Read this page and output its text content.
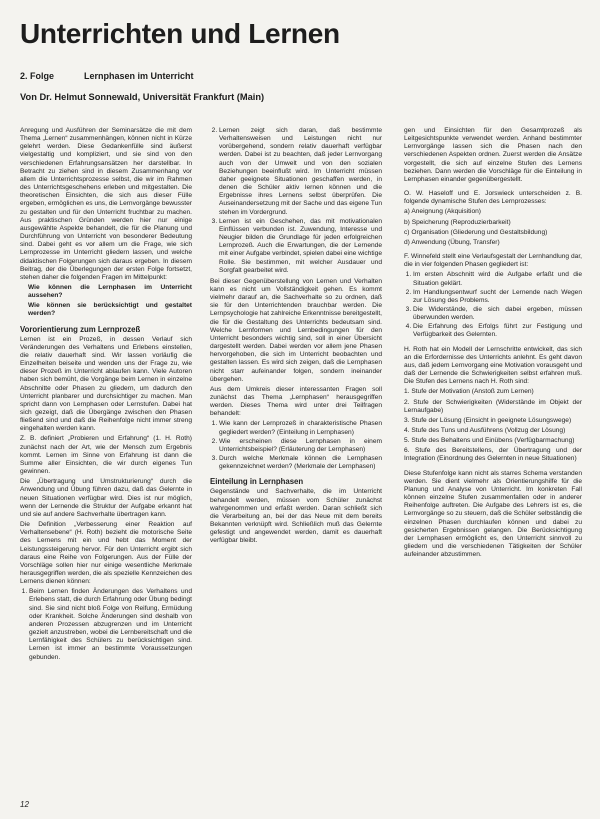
Unterrichten und Lernen
2. Folge	Lernphasen im Unterricht
Von Dr. Helmut Sonnewald, Universität Frankfurt (Main)

Anregung und Ausführen der Seminarsätze die mit dem Thema „Lernen“ zusammenhängen, können nicht in Kürze gelehrt werden. Diese Gedankenfülle sind äußerst vielgestaltig und kompliziert, und sie sind von den verschiedenen Erfahrungsansätzen her darstellbar. In Betracht zu ziehen sind in diesem Zusammenhang vor allem die Unterrichtsprozesse selbst, die wir im Rahmen des Unterrichtsgeschehens erleben und mitgestalten. Die theoretischen Einsichten, die sich aus dieser Fülle ergeben, ermöglichen es uns, die Lernvorgänge bewusster zu gestalten und für den Unterricht fruchtbar zu machen. Aus praktischen Gründen werden hier nur einige ausgewählte Aspekte behandelt, die für die Planung und Durchführung von Unterricht von besonderer Bedeutung sind. Dabei geht es vor allem um die Frage, wie sich Lernprozesse im Unterricht gliedern lassen, und welche didaktischen Folgerungen sich daraus ergeben. In diesem Beitrag, der die Überlegungen der ersten Folge fortsetzt, stehen daher die folgenden Fragen im Mittelpunkt:

Wie können die Lernphasen im Unterricht aussehen?

Wie können sie berücksichtigt und gestaltet werden?

Vororientierung zum Lernprozeß

Lernen ist ein Prozeß, in dessen Verlauf sich Veränderungen des Verhaltens und Erlebens einstellen, die relativ dauerhaft sind. Wir lassen vorläufig die Einzelheiten beiseite und wenden uns der Frage zu, wie dieser Prozeß im Unterricht ablaufen kann. Viele Autoren haben sich bemüht, die Vorgänge beim Lernen in einzelne Abschnitte oder Phasen zu gliedern, um dadurch den Unterricht planbarer und durchsichtiger zu machen. Man spricht dann von Lernphasen oder Lernstufen. Dabei hat sich gezeigt, daß die Übergänge zwischen den Phasen fließend sind und daß die Reihenfolge nicht immer streng eingehalten werden kann.

Z. B. definiert „Probieren und Erfahrung“ (1. H. Roth) zunächst nach der Art, wie der Mensch zum Ergebnis kommt. Lernen im Sinne von Erfahrung ist dann die Summe aller Einsichten, die wir durch eigenes Tun gewinnen.

Die „Übertragung und Umstrukturierung“ durch die Anwendung und Übung führen dazu, daß das Gelernte in neuen Situationen verfügbar wird. Dies ist nur möglich, wenn der Lernende die Struktur der Aufgabe erkannt hat und sie auf andere Sachverhalte übertragen kann.

Die Definition „Verbesserung einer Reaktion auf Verhaltensebene“ (H. Roth) bezieht die motorische Seite des Lernens mit ein und hebt das Moment der Leistungssteigerung hervor. Für den Unterricht ergibt sich daraus eine Reihe von Folgerungen. Aus der Fülle der Vorschläge sollen hier nur einige wesentliche Merkmale herausgegriffen werden, die als spezielle Kennzeichen des Lernens dienen können:

1. Beim Lernen finden Änderungen des Verhaltens und Erlebens statt, die durch Erfahrung oder Übung bedingt sind. Sie sind nicht bloß Folge von Reifung, Ermüdung oder Krankheit. Solche Änderungen sind deshalb von anderen Prozessen abzugrenzen und im Unterricht gezielt anzustreben, wobei die Lernbereitschaft und die Lernfähigkeit des Schülers zu berücksichtigen sind. Lernen ist immer an bestimmte Voraussetzungen gebunden.
2. Lernen zeigt sich daran, daß bestimmte Verhaltensweisen und Leistungen nicht nur vorübergehend, sondern relativ dauerhaft verfügbar werden. Dabei ist zu beachten, daß jeder Lernvorgang auch von der Umwelt und von den sozialen Beziehungen beeinflußt wird. Im Unterricht müssen daher geeignete Situationen geschaffen werden, in denen die Schüler aktiv lernen können und die Ergebnisse ihres Lernens selbst überprüfen. Die Auseinandersetzung mit der Sache und das eigene Tun stehen im Vordergrund.
3. Lernen ist ein Geschehen, das mit motivationalen Einflüssen verbunden ist. Zuwendung, Interesse und Neugier bilden die Grundlage für jeden erfolgreichen Lernprozeß. Auch die Erwartungen, die der Lernende mit einer Aufgabe verbindet, spielen dabei eine wichtige Rolle. Sie bestimmen, mit welcher Ausdauer und Sorgfalt gearbeitet wird.

Bei dieser Gegenüberstellung von Lernen und Verhalten kann es nicht um Vollständigkeit gehen. Es kommt vielmehr darauf an, die Sachverhalte so zu ordnen, daß sie für den Unterrichtenden brauchbar werden. Die Lernpsychologie hat zahlreiche Erkenntnisse bereitgestellt, die für die Gestaltung des Unterrichts bedeutsam sind. Welche Lernformen und Lernbedingungen für den Unterricht besonders wichtig sind, soll in einer Übersicht dargestellt werden. Dabei werden vor allem jene Phasen hervorgehoben, die sich im Unterricht beobachten und gestalten lassen. Es wird sich zeigen, daß die Lernphasen nicht starr aufeinander folgen, sondern ineinander übergehen.

Aus dem Umkreis dieser interessanten Fragen soll zunächst das Thema „Lernphasen“ herausgegriffen werden. Dieses Thema wird unter drei Teilfragen behandelt:

1. Wie kann der Lernprozeß in charakteristische Phasen gegliedert werden? (Einteilung in Lernphasen)
2. Wie erscheinen diese Lernphasen in einem Unterrichtsbeispiel? (Erläuterung der Lernphasen)
3. Durch welche Merkmale können die Lernphasen gekennzeichnet werden? (Merkmale der Lernphasen)
Einteilung in Lernphasen

Gegenstände und Sachverhalte, die im Unterricht behandelt werden, müssen vom Schüler zunächst wahrgenommen und erfaßt werden. Daran schließt sich die Verarbeitung an, bei der das Neue mit dem bereits Bekannten verknüpft wird. Schließlich muß das Gelernte gefestigt und angewendet werden, damit es dauerhaft verfügbar bleibt.

gen und Einsichten für den Gesamtprozeß als Leitgesichtspunkte verwendet werden. Anhand bestimmter Lernvorgänge lassen sich die Phasen nach den verschiedenen Aspekten ordnen. Zuerst werden die Ansätze vorgestellt, die sich auf einzelne Stufen des Lernens beziehen. Dann werden die Vorschläge für die Einteilung in Lernphasen einander gegenübergestellt.

O. W. Haseloff und E. Jorswieck unterscheiden z. B. folgende dynamische Stufen des Lernprozesses:

a) Aneignung (Akquisition)

b) Speicherung (Reproduzierbarkeit)

c) Organisation (Gliederung und Gestaltsbildung)

d) Anwendung (Übung, Transfer)

F. Winnefeld stellt eine Verlaufsgestalt der Lernhandlung dar, die in vier folgenden Phasen gegliedert ist:

1. Im ersten Abschnitt wird die Aufgabe erfaßt und die Situation geklärt.
2. Im Handlungsentwurf sucht der Lernende nach Wegen zur Lösung des Problems.
3. Die Widerstände, die sich dabei ergeben, müssen überwunden werden.
4. Die Erfahrung des Erfolgs führt zur Festigung und Verfügbarkeit des Gelernten.

H. Roth hat ein Modell der Lernschritte entwickelt, das sich an die Erfordernisse des Unterrichts anlehnt. Es geht davon aus, daß jedem Lernvorgang eine Motivation vorausgeht und daß der Lernende die Schwierigkeiten selbst erfahren muß. Die Stufen des Lernens nach H. Roth sind:

1. Stufe der Motivation (Anstoß zum Lernen)

2. Stufe der Schwierigkeiten (Widerstände im Objekt der Lernaufgabe)

3. Stufe der Lösung (Einsicht in geeignete Lösungswege)

4. Stufe des Tuns und Ausführens (Vollzug der Lösung)

5. Stufe des Behaltens und Einübens (Verfügbarmachung)

6. Stufe des Bereitstellens, der Übertragung und der Integration (Einordnung des Gelernten in neue Situationen)

Diese Stufenfolge kann nicht als starres Schema verstanden werden. Sie dient vielmehr als Orientierungshilfe für die Planung und Analyse von Unterricht. Im konkreten Fall können einzelne Stufen zusammenfallen oder in anderer Reihenfolge auftreten. Die Aufgabe des Lehrers ist es, die Lernvorgänge so zu steuern, daß die Schüler selbständig die einzelnen Phasen durchlaufen können und dabei zu gesicherten Ergebnissen gelangen. Die Berücksichtigung der Lernphasen ermöglicht es, den Unterricht sinnvoll zu gliedern und die verschiedenen Tätigkeiten der Schüler aufeinander abzustimmen.

12
